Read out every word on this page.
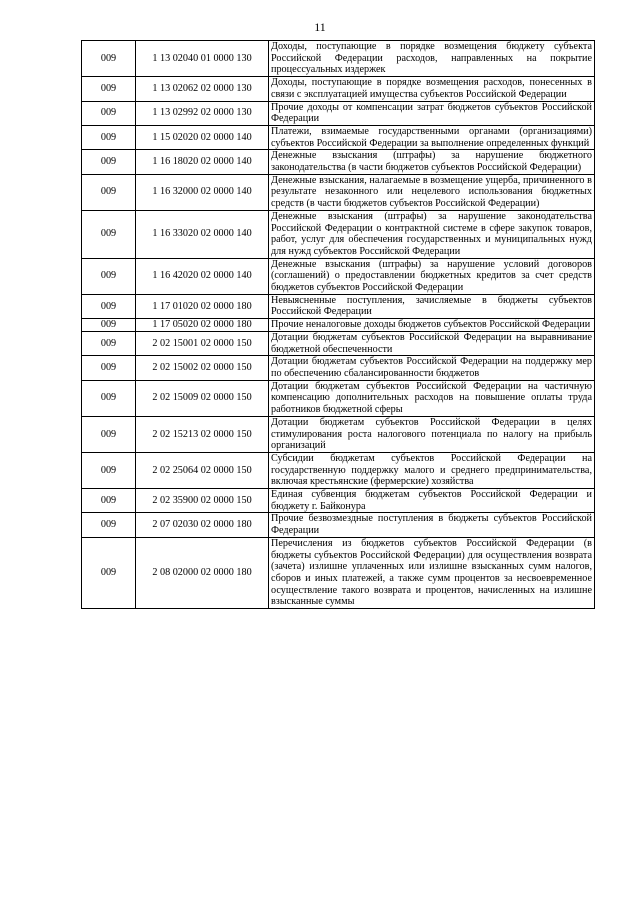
11
009	1 13 02040 01 0000 130	Доходы, поступающие в порядке возмещения бюджету субъекта Российской Федерации расходов, направленных на покрытие процессуальных издержек
009	1 13 02062 02 0000 130	Доходы, поступающие в порядке возмещения расходов, понесенных в связи с эксплуатацией имущества субъектов Российской Федерации
009	1 13 02992 02 0000 130	Прочие доходы от компенсации затрат бюджетов субъектов Российской Федерации
009	1 15 02020 02 0000 140	Платежи, взимаемые государственными органами (организациями) субъектов Российской Федерации за выполнение определенных функций
009	1 16 18020 02 0000 140	Денежные взыскания (штрафы) за нарушение бюджетного законодательства (в части бюджетов субъектов Российской Федерации)
009	1 16 32000 02 0000 140	Денежные взыскания, налагаемые в возмещение ущерба, причиненного в результате незаконного или нецелевого использования бюджетных средств (в части бюджетов субъектов Российской Федерации)
009	1 16 33020 02 0000 140	Денежные взыскания (штрафы) за нарушение законодательства Российской Федерации о контрактной системе в сфере закупок товаров, работ, услуг для обеспечения государственных и муниципальных нужд для нужд субъектов Российской Федерации
009	1 16 42020 02 0000 140	Денежные взыскания (штрафы) за нарушение условий договоров (соглашений) о предоставлении бюджетных кредитов за счет средств бюджетов субъектов Российской Федерации
009	1 17 01020 02 0000 180	Невыясненные поступления, зачисляемые в бюджеты субъектов Российской Федерации
009	1 17 05020 02 0000 180	Прочие неналоговые доходы бюджетов субъектов Российской Федерации
009	2 02 15001 02 0000 150	Дотации бюджетам субъектов Российской Федерации на выравнивание бюджетной обеспеченности
009	2 02 15002 02 0000 150	Дотации бюджетам субъектов Российской Федерации на поддержку мер по обеспечению сбалансированности бюджетов
009	2 02 15009 02 0000 150	Дотации бюджетам субъектов Российской Федерации на частичную компенсацию дополнительных расходов на повышение оплаты труда работников бюджетной сферы
009	2 02 15213 02 0000 150	Дотации бюджетам субъектов Российской Федерации в целях стимулирования роста налогового потенциала по налогу на прибыль организаций
009	2 02 25064 02 0000 150	Субсидии бюджетам субъектов Российской Федерации на государственную поддержку малого и среднего предпринимательства, включая крестьянские (фермерские) хозяйства
009	2 02 35900 02 0000 150	Единая субвенция бюджетам субъектов Российской Федерации и бюджету г. Байконура
009	2 07 02030 02 0000 180	Прочие безвозмездные поступления в бюджеты субъектов Российской Федерации
009	2 08 02000 02 0000 180	Перечисления из бюджетов субъектов Российской Федерации (в бюджеты субъектов Российской Федерации) для осуществления возврата (зачета) излишне уплаченных или излишне взысканных сумм налогов, сборов и иных платежей, а также сумм процентов за несвоевременное осуществление такого возврата и процентов, начисленных на излишне взысканные суммы
